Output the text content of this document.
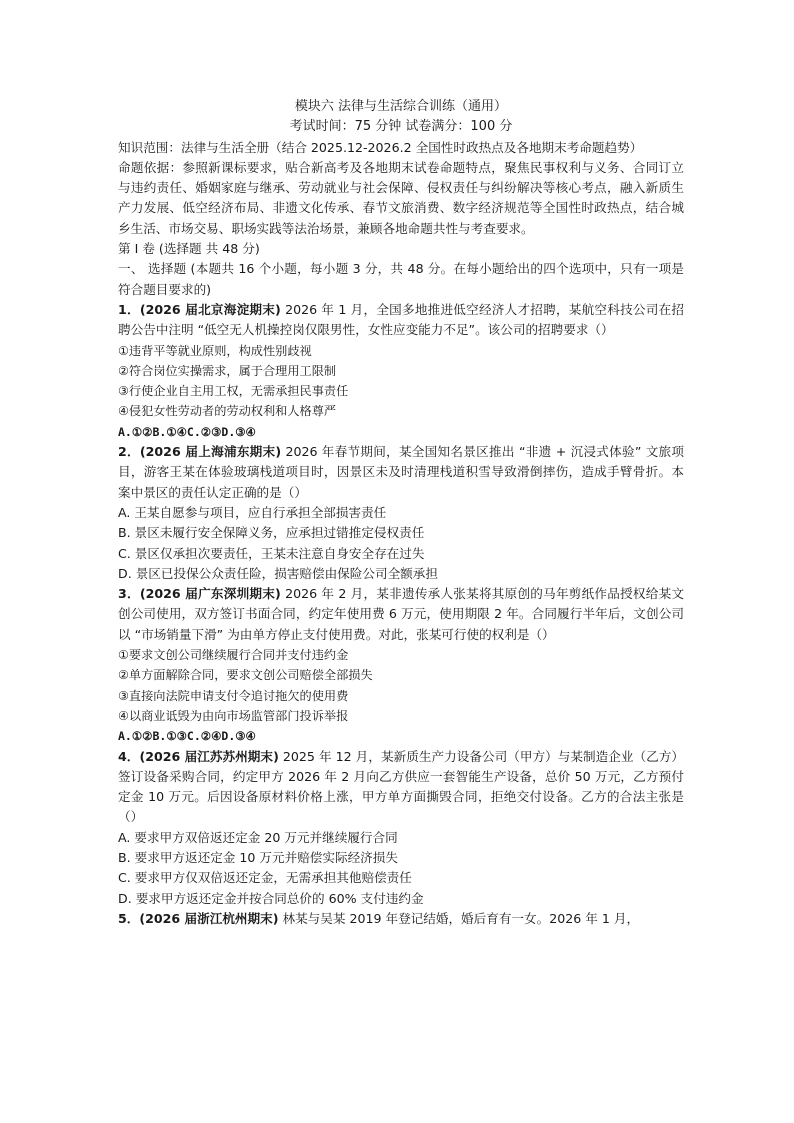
模块六 法律与生活综合训练（通用）
考试时间：75 分钟 试卷满分：100 分
知识范围：法律与生活全册（结合 2025.12-2026.2 全国性时政热点及各地期末考命题趋势）
命题依据：参照新课标要求，贴合新高考及各地期末试卷命题特点，聚焦民事权利与义务、合同订立与违约责任、婚姻家庭与继承、劳动就业与社会保障、侵权责任与纠纷解决等核心考点，融入新质生产力发展、低空经济布局、非遗文化传承、春节文旅消费、数字经济规范等全国性时政热点，结合城乡生活、市场交易、职场实践等法治场景，兼顾各地命题共性与考查要求。
第 Ⅰ 卷 (选择题 共 48 分)
一、 选择题 (本题共 16 个小题，每小题 3 分，共 48 分。在每小题给出的四个选项中，只有一项是符合题目要求的)
1．(2026 届北京海淀期末) 2026 年 1 月，全国多地推进低空经济人才招聘，某航空科技公司在招聘公告中注明 “低空无人机操控岗仅限男性，女性应变能力不足”。该公司的招聘要求（）
①违背平等就业原则，构成性别歧视
②符合岗位实操需求，属于合理用工限制
③行使企业自主用工权，无需承担民事责任
④侵犯女性劳动者的劳动权利和人格尊严
A.①②B.①④C.②③D.③④
2．(2026 届上海浦东期末) 2026 年春节期间，某全国知名景区推出 “非遗 + 沉浸式体验” 文旅项目，游客王某在体验玻璃栈道项目时，因景区未及时清理栈道积雪导致滑倒摔伤，造成手臂骨折。本案中景区的责任认定正确的是（）
A. 王某自愿参与项目，应自行承担全部损害责任
B. 景区未履行安全保障义务，应承担过错推定侵权责任
C. 景区仅承担次要责任，王某未注意自身安全存在过失
D. 景区已投保公众责任险，损害赔偿由保险公司全额承担
3．(2026 届广东深圳期末) 2026 年 2 月，某非遗传承人张某将其原创的马年剪纸作品授权给某文创公司使用，双方签订书面合同，约定年使用费 6 万元，使用期限 2 年。合同履行半年后，文创公司以 “市场销量下滑” 为由单方停止支付使用费。对此，张某可行使的权利是（）
①要求文创公司继续履行合同并支付违约金
②单方面解除合同，要求文创公司赔偿全部损失
③直接向法院申请支付令追讨拖欠的使用费
④以商业诋毁为由向市场监管部门投诉举报
A.①②B.①③C.②④D.③④
4．(2026 届江苏苏州期末) 2025 年 12 月，某新质生产力设备公司（甲方）与某制造企业（乙方）签订设备采购合同，约定甲方 2026 年 2 月向乙方供应一套智能生产设备，总价 50 万元，乙方预付定金 10 万元。后因设备原材料价格上涨，甲方单方面撕毁合同，拒绝交付设备。乙方的合法主张是（）
A. 要求甲方双倍返还定金 20 万元并继续履行合同
B. 要求甲方返还定金 10 万元并赔偿实际经济损失
C. 要求甲方仅双倍返还定金，无需承担其他赔偿责任
D. 要求甲方返还定金并按合同总价的 60% 支付违约金
5．(2026 届浙江杭州期末) 林某与吴某 2019 年登记结婚，婚后育有一女。2026 年 1 月，
